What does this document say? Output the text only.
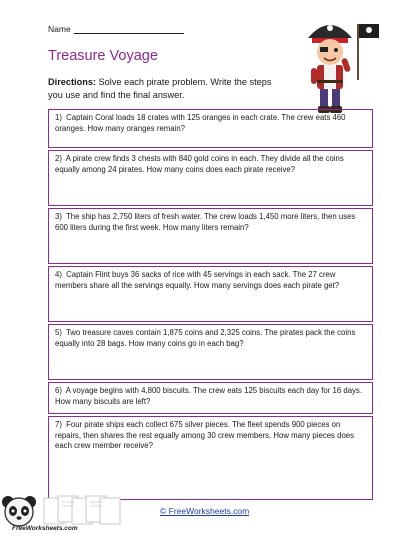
Name
Treasure Voyage

Directions: Solve each pirate problem. Write the steps you use and find the final answer.

1) Captain Coral loads 18 crates with 125 oranges in each crate. The crew eats 460 oranges. How many oranges remain?
2) A pirate crew finds 3 chests with 840 gold coins in each. They divide all the coins equally among 24 pirates. How many coins does each pirate receive?
3) The ship has 2,750 liters of fresh water. The crew loads 1,450 more liters, then uses 600 liters during the first week. How many liters remain?
4) Captain Flint buys 36 sacks of rice with 45 servings in each sack. The 27 crew members share all the servings equally. How many servings does each pirate get?
5) Two treasure caves contain 1,875 coins and 2,325 coins. The pirates pack the coins equally into 28 bags. How many coins go in each bag?
6) A voyage begins with 4,800 biscuits. The crew eats 125 biscuits each day for 16 days. How many biscuits are left?
7) Four pirate ships each collect 675 silver pieces. The fleet spends 900 pieces on repairs, then shares the rest equally among 30 crew members. How many pieces does each crew member receive?
FreeWorksheets.com
© FreeWorksheets.com
